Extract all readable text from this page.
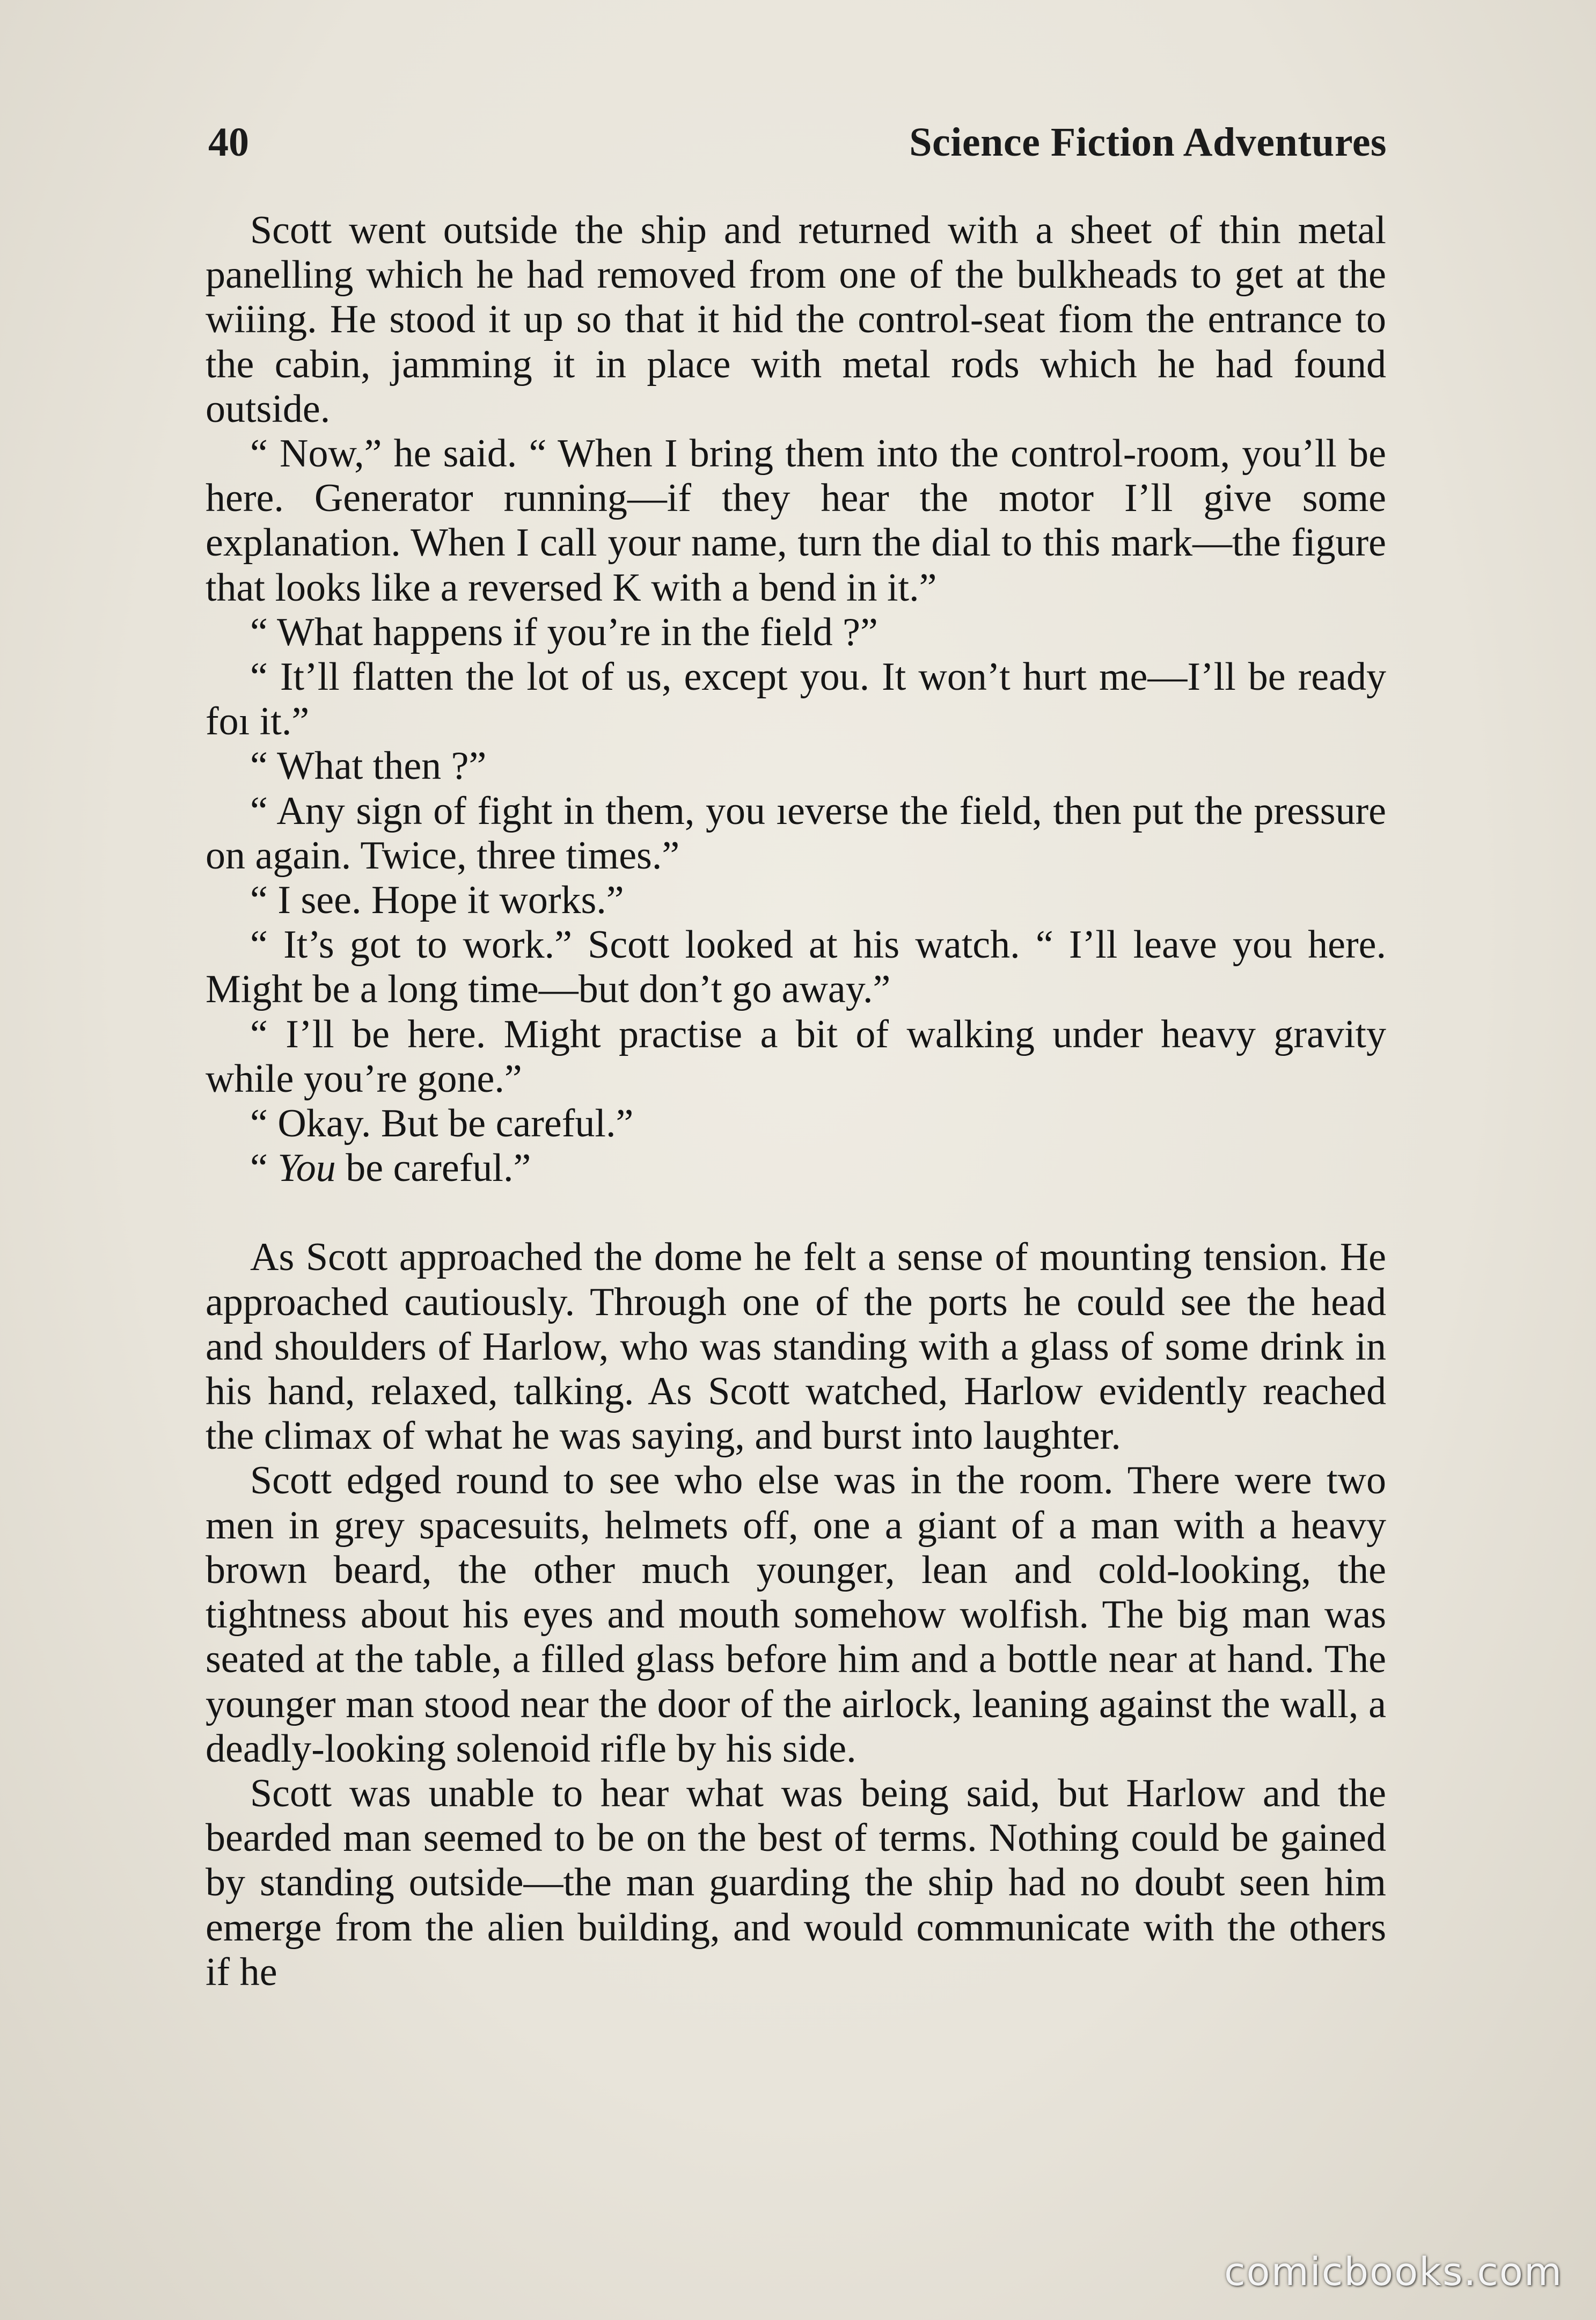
40	Science Fiction Adventures

Scott went outside the ship and returned with a sheet of thin metal panelling which he had removed from one of the bulkheads to get at the wiiing. He stood it up so that it hid the control-seat fiom the entrance to the cabin, jamming it in place with metal rods which he had found outside.

“ Now,” he said. “ When I bring them into the control-room, you’ll be here. Generator running—if they hear the motor I’ll give some explanation. When I call your name, turn the dial to this mark—the figure that looks like a reversed K with a bend in it.”

“ What happens if you’re in the field ?”

“ It’ll flatten the lot of us, except you. It won’t hurt me—I’ll be ready foı it.”

“ What then ?”

“ Any sign of fight in them, you ıeverse the field, then put the pressure on again. Twice, three times.”

“ I see. Hope it works.”

“ It’s got to work.” Scott looked at his watch. “ I’ll leave you here. Might be a long time—but don’t go away.”

“ I’ll be here. Might practise a bit of walking under heavy gravity while you’re gone.”

“ Okay. But be careful.”

“ You be careful.”

As Scott approached the dome he felt a sense of mounting tension. He approached cautiously. Through one of the ports he could see the head and shoulders of Harlow, who was standing with a glass of some drink in his hand, relaxed, talking. As Scott watched, Harlow evidently reached the climax of what he was saying, and burst into laughter.

Scott edged round to see who else was in the room. There were two men in grey spacesuits, helmets off, one a giant of a man with a heavy brown beard, the other much younger, lean and cold-looking, the tightness about his eyes and mouth somehow wolfish. The big man was seated at the table, a filled glass before him and a bottle near at hand. The younger man stood near the door of the airlock, leaning against the wall, a deadly-looking solenoid rifle by his side.

Scott was unable to hear what was being said, but Harlow and the bearded man seemed to be on the best of terms. Nothing could be gained by standing outside—the man guarding the ship had no doubt seen him emerge from the alien building, and would communicate with the others if he

comicbooks.com
